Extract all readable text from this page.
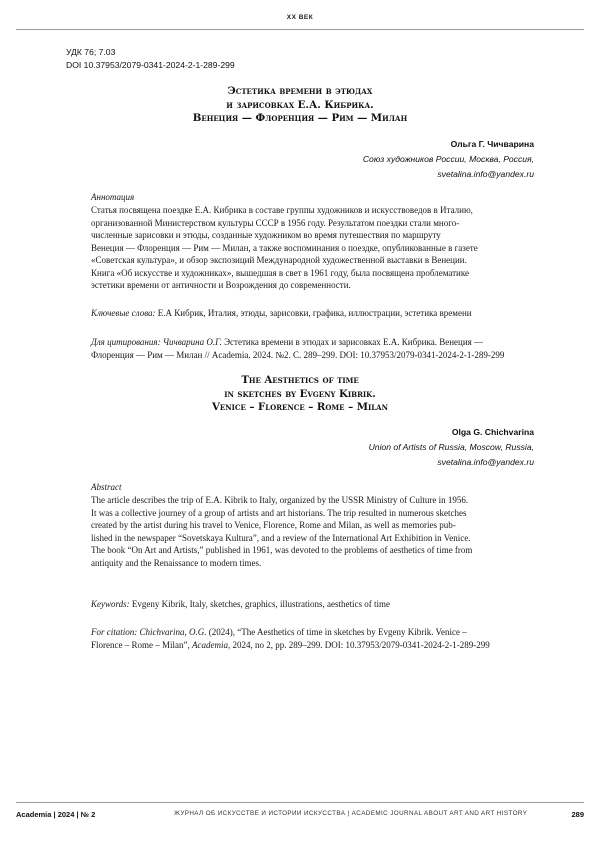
XX ВЕК
УДК 76; 7.03
DOI 10.37953/2079-0341-2024-2-1-289-299
Эстетика времени в этюдах
и зарисовках Е.А. Кибрика.
Венеция — Флоренция — Рим — Милан
Ольга Г. Чичварина
Союз художников России, Москва, Россия,
svetalina.info@yandex.ru
Аннотация
Статья посвящена поездке Е.А. Кибрика в составе группы художников и искусствоведов в Италию,
организованной Министерством культуры СССР в 1956 году. Результатом поездки стали много-
численные зарисовки и этюды, созданные художником во время путешествия по маршруту
Венеция — Флоренция — Рим — Милан, а также воспоминания о поездке, опубликованные в газете
«Советская культура», и обзор экспозиций Международной художественной выставки в Венеции.
Книга «Об искусстве и художниках», вышедшая в свет в 1961 году, была посвящена проблематике
эстетики времени от античности и Возрождения до современности.
Ключевые слова: Е.А Кибрик, Италия, этюды, зарисовки, графика, иллюстрации, эстетика времени
Для цитирования: Чичварина О.Г. Эстетика времени в этюдах и зарисовках Е.А. Кибрика. Венеция —
Флоренция — Рим — Милан // Academia. 2024. №2. С. 289–299. DOI: 10.37953/2079-0341-2024-2-1-289-299
The Aesthetics of time
in sketches by Evgeny Kibrik.
Venice – Florence – Rome – Milan
Olga G. Chichvarina
Union of Artists of Russia, Moscow, Russia,
svetalina.info@yandex.ru
Abstract
The article describes the trip of E.A. Kibrik to Italy, organized by the USSR Ministry of Culture in 1956.
It was a collective journey of a group of artists and art historians. The trip resulted in numerous sketches
created by the artist during his travel to Venice, Florence, Rome and Milan, as well as memories pub-
lished in the newspaper “Sovetskaya Kultura”, and a review of the International Art Exhibition in Venice.
The book “On Art and Artists,” published in 1961, was devoted to the problems of aesthetics of time from
antiquity and the Renaissance to modern times.
Keywords: Evgeny Kibrik, Italy, sketches, graphics, illustrations, aesthetics of time
For citation: Chichvarina, O.G. (2024), “The Aesthetics of time in sketches by Evgeny Kibrik. Venice –
Florence – Rome – Milan”, Academia, 2024, no 2, pp. 289–299. DOI: 10.37953/2079-0341-2024-2-1-289-299
Academia | 2024 | № 2	ЖУРНАЛ ОБ ИСКУССТВЕ И ИСТОРИИ ИСКУССТВА | ACADEMIC JOURNAL ABOUT ART AND ART HISTORY	289
